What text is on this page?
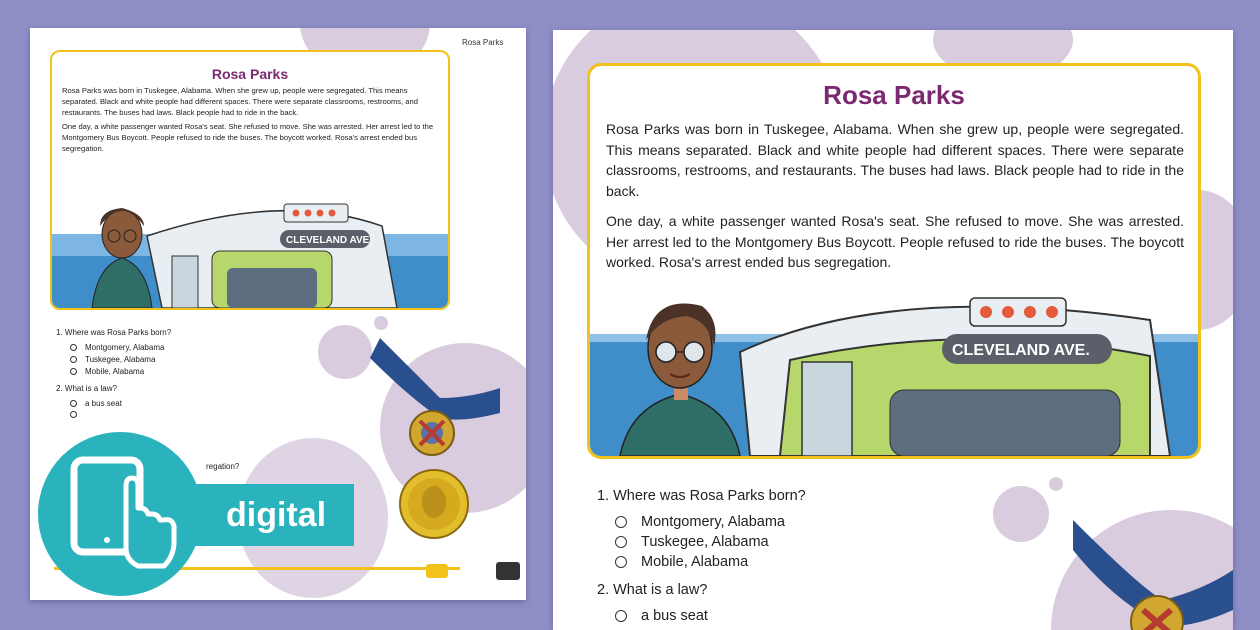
Rosa Parks
Rosa Parks

Rosa Parks was born in Tuskegee, Alabama. When she grew up, people were segregated. This means separated. Black and white people had different spaces. There were separate classrooms, restrooms, and restaurants. The buses had laws. Black people had to ride in the back.

One day, a white passenger wanted Rosa's seat. She refused to move. She was arrested. Her arrest led to the Montgomery Bus Boycott. People refused to ride the buses. The boycott worked. Rosa's arrest ended bus segregation.

CLEVELAND AVE.
1. Where was Rosa Parks born?
Montgomery, Alabama
Tuskegee, Alabama
Mobile, Alabama
2. What is a law?
a bus seat
regation?
digital
Rosa Parks

Rosa Parks was born in Tuskegee, Alabama. When she grew up, people were segregated. This means separated. Black and white people had different spaces. There were separate classrooms, restrooms, and restaurants. The buses had laws. Black people had to ride in the back.

One day, a white passenger wanted Rosa's seat. She refused to move. She was arrested. Her arrest led to the Montgomery Bus Boycott. People refused to ride the buses. The boycott worked. Rosa's arrest ended bus segregation.

CLEVELAND AVE.
1. Where was Rosa Parks born?
Montgomery, Alabama
Tuskegee, Alabama
Mobile, Alabama
2. What is a law?
a bus seat
